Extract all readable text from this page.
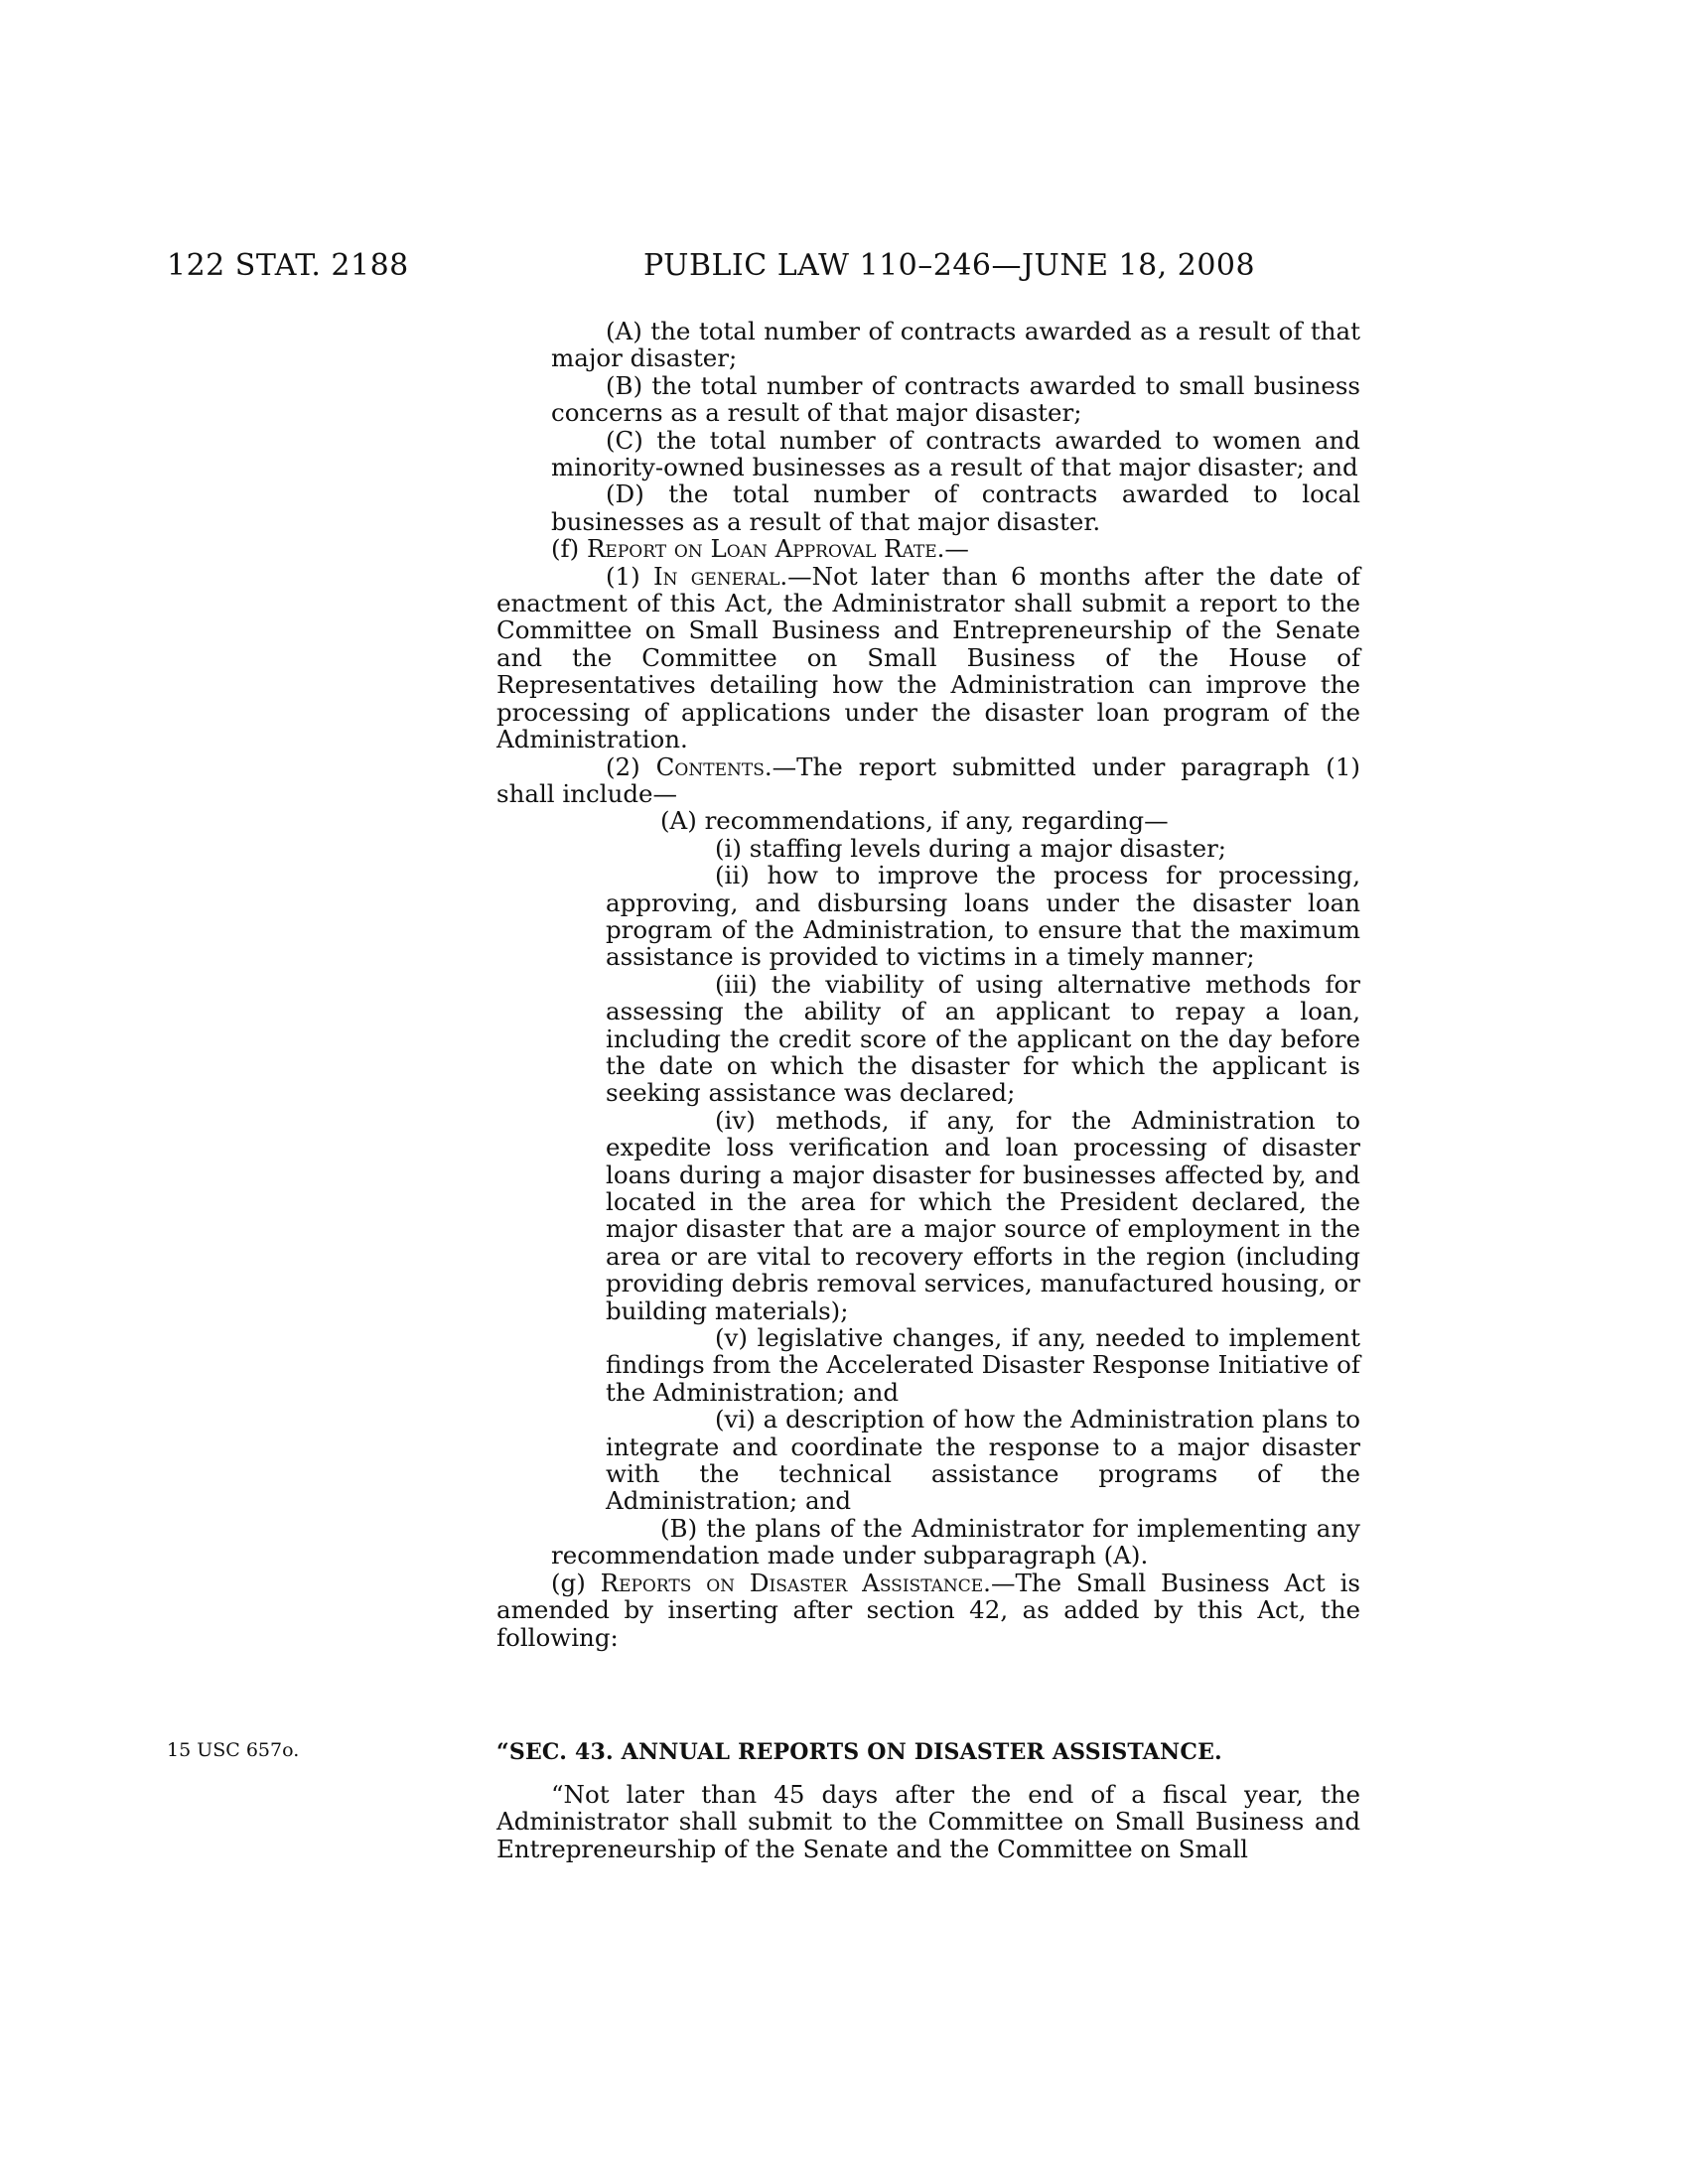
122 STAT. 2188	PUBLIC LAW 110–246—JUNE 18, 2008

(A) the total number of contracts awarded as a result of that major disaster;

(B) the total number of contracts awarded to small business concerns as a result of that major disaster;

(C) the total number of contracts awarded to women and minority-owned businesses as a result of that major disaster; and

(D) the total number of contracts awarded to local businesses as a result of that major disaster.

(f) Report on Loan Approval Rate.—

(1) In general.—Not later than 6 months after the date of enactment of this Act, the Administrator shall submit a report to the Committee on Small Business and Entrepreneurship of the Senate and the Committee on Small Business of the House of Representatives detailing how the Administration can improve the processing of applications under the disaster loan program of the Administration.

(2) Contents.—The report submitted under paragraph (1) shall include—

(A) recommendations, if any, regarding—

(i) staffing levels during a major disaster;

(ii) how to improve the process for processing, approving, and disbursing loans under the disaster loan program of the Administration, to ensure that the maximum assistance is provided to victims in a timely manner;

(iii) the viability of using alternative methods for assessing the ability of an applicant to repay a loan, including the credit score of the applicant on the day before the date on which the disaster for which the applicant is seeking assistance was declared;

(iv) methods, if any, for the Administration to expedite loss verification and loan processing of disaster loans during a major disaster for businesses affected by, and located in the area for which the President declared, the major disaster that are a major source of employment in the area or are vital to recovery efforts in the region (including providing debris removal services, manufactured housing, or building materials);

(v) legislative changes, if any, needed to implement findings from the Accelerated Disaster Response Initiative of the Administration; and

(vi) a description of how the Administration plans to integrate and coordinate the response to a major disaster with the technical assistance programs of the Administration; and

(B) the plans of the Administrator for implementing any recommendation made under subparagraph (A).

(g) Reports on Disaster Assistance.—The Small Business Act is amended by inserting after section 42, as added by this Act, the following:

15 USC 657o.	“SEC. 43. ANNUAL REPORTS ON DISASTER ASSISTANCE.

“Not later than 45 days after the end of a fiscal year, the Administrator shall submit to the Committee on Small Business and Entrepreneurship of the Senate and the Committee on Small
